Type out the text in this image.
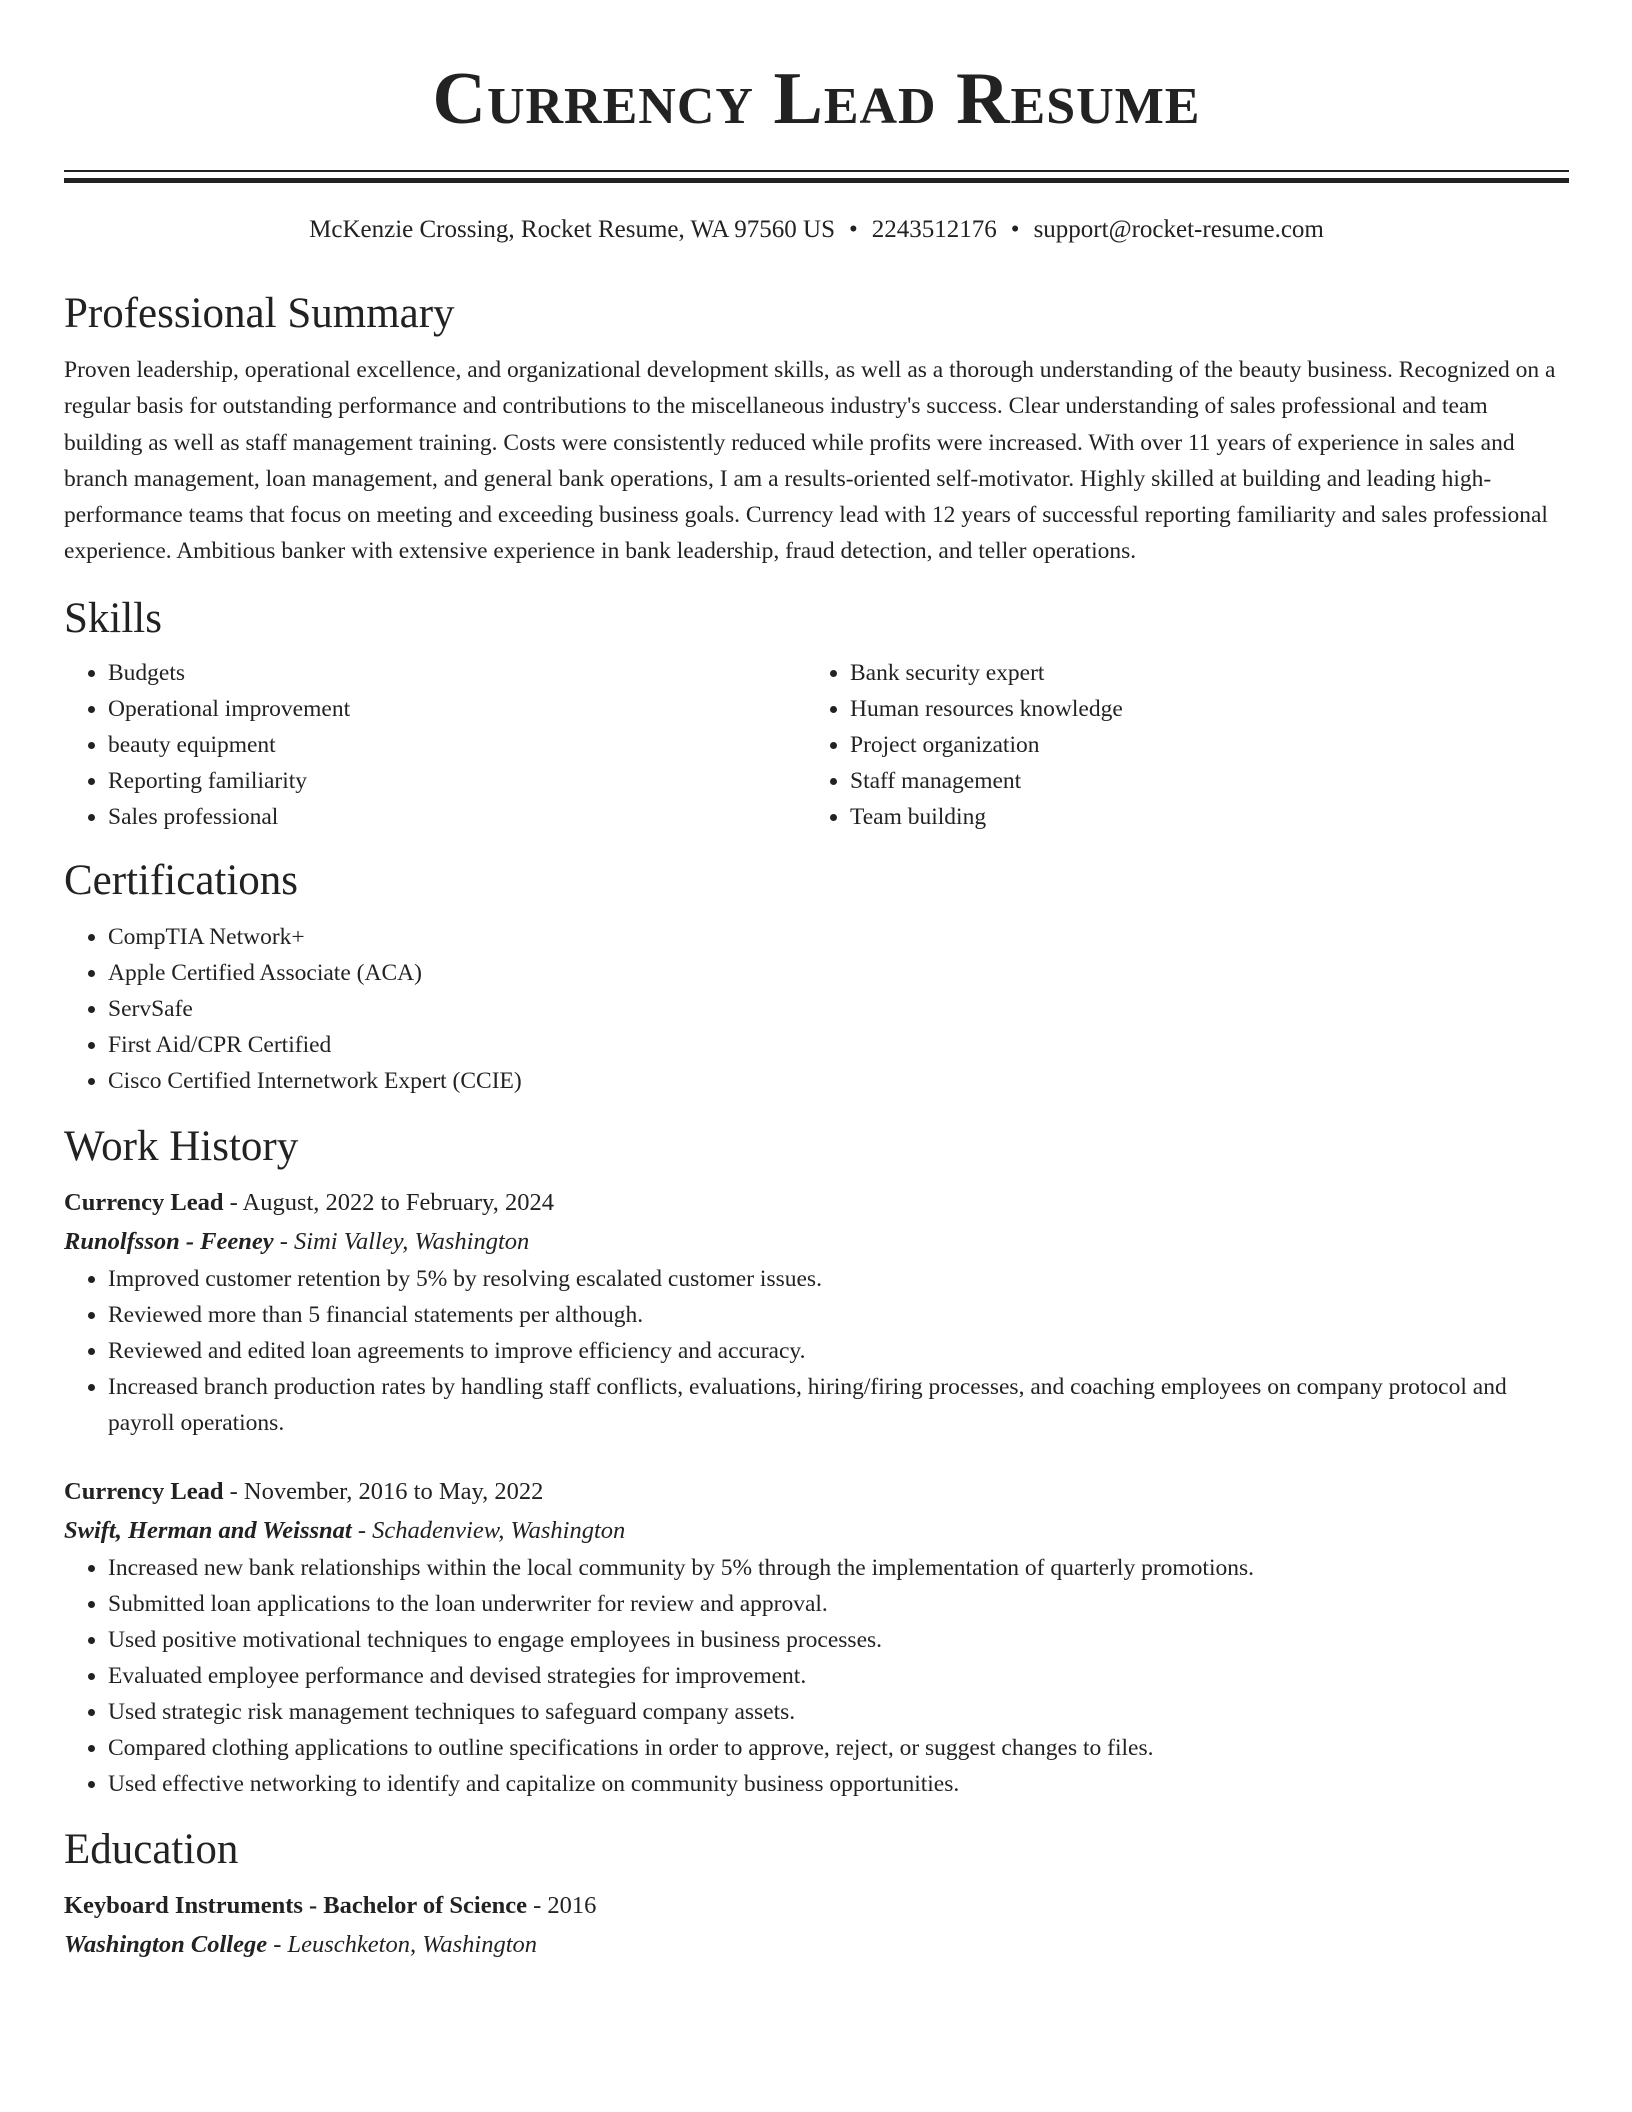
Currency Lead Resume
McKenzie Crossing, Rocket Resume, WA 97560 US • 2243512176 • support@rocket-resume.com
Professional Summary

Proven leadership, operational excellence, and organizational development skills, as well as a thorough understanding of the beauty business. Recognized on a regular basis for outstanding performance and contributions to the miscellaneous industry's success. Clear understanding of sales professional and team building as well as staff management training. Costs were consistently reduced while profits were increased. With over 11 years of experience in sales and branch management, loan management, and general bank operations, I am a results-oriented self-motivator. Highly skilled at building and leading high-performance teams that focus on meeting and exceeding business goals. Currency lead with 12 years of successful reporting familiarity and sales professional experience. Ambitious banker with extensive experience in bank leadership, fraud detection, and teller operations.

Skills
• Budgets
• Operational improvement
• beauty equipment
• Reporting familiarity
• Sales professional
• Bank security expert
• Human resources knowledge
• Project organization
• Staff management
• Team building
Certifications
• CompTIA Network+
• Apple Certified Associate (ACA)
• ServSafe
• First Aid/CPR Certified
• Cisco Certified Internetwork Expert (CCIE)
Work History
Currency Lead - August, 2022 to February, 2024
Runolfsson - Feeney - Simi Valley, Washington
• Improved customer retention by 5% by resolving escalated customer issues.
• Reviewed more than 5 financial statements per although.
• Reviewed and edited loan agreements to improve efficiency and accuracy.
• Increased branch production rates by handling staff conflicts, evaluations, hiring/firing processes, and coaching employees on company protocol and payroll operations.
Currency Lead - November, 2016 to May, 2022
Swift, Herman and Weissnat - Schadenview, Washington
• Increased new bank relationships within the local community by 5% through the implementation of quarterly promotions.
• Submitted loan applications to the loan underwriter for review and approval.
• Used positive motivational techniques to engage employees in business processes.
• Evaluated employee performance and devised strategies for improvement.
• Used strategic risk management techniques to safeguard company assets.
• Compared clothing applications to outline specifications in order to approve, reject, or suggest changes to files.
• Used effective networking to identify and capitalize on community business opportunities.
Education
Keyboard Instruments - Bachelor of Science - 2016
Washington College - Leuschketon, Washington
